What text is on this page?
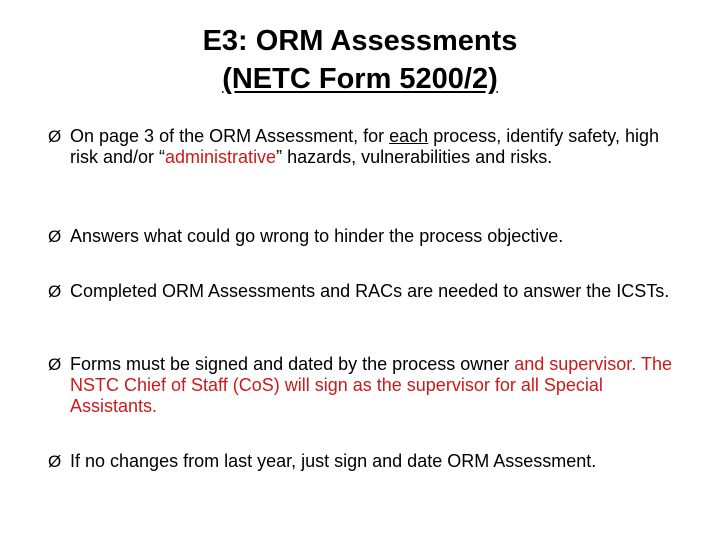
E3: ORM Assessments
(NETC Form 5200/2)
Ø On page 3 of the ORM Assessment, for each process, identify safety, high risk and/or “administrative” hazards, vulnerabilities and risks.
Ø Answers what could go wrong to hinder the process objective.
Ø Completed ORM Assessments and RACs are needed to answer the ICSTs.
Ø Forms must be signed and dated by the process owner and supervisor. The NSTC Chief of Staff (CoS) will sign as the supervisor for all Special Assistants.
Ø If no changes from last year, just sign and date ORM Assessment.
